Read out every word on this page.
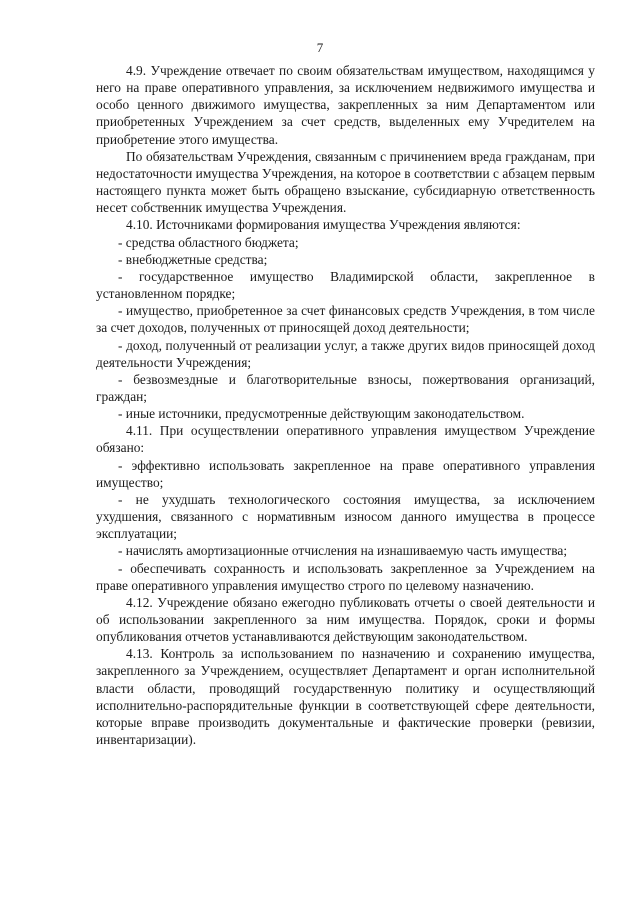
7

4.9. Учреждение отвечает по своим обязательствам имуществом, находящимся у него на праве оперативного управления, за исключением недвижимого имущества и особо ценного движимого имущества, закрепленных за ним Департаментом или приобретенных Учреждением за счет средств, выделенных ему Учредителем на приобретение этого имущества.

По обязательствам Учреждения, связанным с причинением вреда гражданам, при недостаточности имущества Учреждения, на которое в соответствии с абзацем первым настоящего пункта может быть обращено взыскание, субсидиарную ответственность несет собственник имущества Учреждения.

4.10. Источниками формирования имущества Учреждения являются:

- средства областного бюджета;

- внебюджетные средства;

- государственное имущество Владимирской области, закрепленное в установленном порядке;

- имущество, приобретенное за счет финансовых средств Учреждения, в том числе за счет доходов, полученных от приносящей доход деятельности;

- доход, полученный от реализации услуг, а также других видов приносящей доход деятельности Учреждения;

- безвозмездные и благотворительные взносы, пожертвования организаций, граждан;

- иные источники, предусмотренные действующим законодательством.

4.11. При осуществлении оперативного управления имуществом Учреждение обязано:

- эффективно использовать закрепленное на праве оперативного управления имущество;

- не ухудшать технологического состояния имущества, за исключением ухудшения, связанного с нормативным износом данного имущества в процессе эксплуатации;

- начислять амортизационные отчисления на изнашиваемую часть имущества;

- обеспечивать сохранность и использовать закрепленное за Учреждением на праве оперативного управления имущество строго по целевому назначению.

4.12. Учреждение обязано ежегодно публиковать отчеты о своей деятельности и об использовании закрепленного за ним имущества. Порядок, сроки и формы опубликования отчетов устанавливаются действующим законодательством.

4.13. Контроль за использованием по назначению и сохранению имущества, закрепленного за Учреждением, осуществляет Департамент и орган исполнительной власти области, проводящий государственную политику и осуществляющий исполнительно-распорядительные функции в соответствующей сфере деятельности, которые вправе производить документальные и фактические проверки (ревизии, инвентаризации).
